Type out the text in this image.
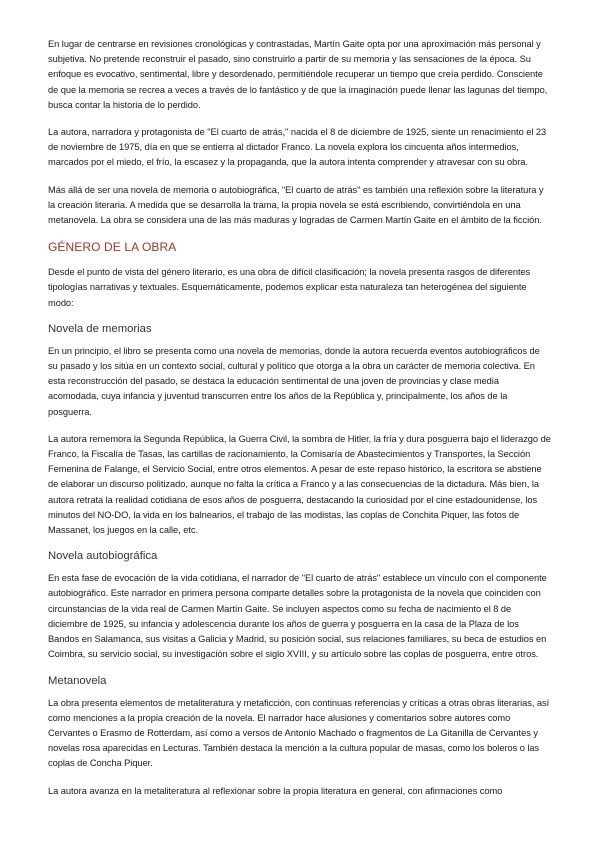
En lugar de centrarse en revisiones cronológicas y contrastadas, Martín Gaite opta por una aproximación más personal y subjetiva. No pretende reconstruir el pasado, sino construirlo a partir de su memoria y las sensaciones de la época. Su enfoque es evocativo, sentimental, libre y desordenado, permitiéndole recuperar un tiempo que creía perdido. Consciente de que la memoria se recrea a veces a través de lo fantástico y de que la imaginación puede llenar las lagunas del tiempo, busca contar la historia de lo perdido.

La autora, narradora y protagonista de "El cuarto de atrás," nacida el 8 de diciembre de 1925, siente un renacimiento el 23 de noviembre de 1975, día en que se entierra al dictador Franco. La novela explora los cincuenta años intermedios, marcados por el miedo, el frío, la escasez y la propaganda, que la autora intenta comprender y atravesar con su obra.

Más allá de ser una novela de memoria o autobiográfica, "El cuarto de atrás" es también una reflexión sobre la literatura y la creación literaria. A medida que se desarrolla la trama, la propia novela se está escribiendo, convirtiéndola en una metanovela. La obra se considera una de las más maduras y logradas de Carmen Martín Gaite en el ámbito de la ficción.

GÉNERO DE LA OBRA

Desde el punto de vista del género literario, es una obra de difícil clasificación; la novela presenta rasgos de diferentes tipologías narrativas y textuales. Esquemáticamente, podemos explicar esta naturaleza tan heterogénea del siguiente modo:

Novela de memorias

En un principio, el libro se presenta como una novela de memorias, donde la autora recuerda eventos autobiográficos de su pasado y los sitúa en un contexto social, cultural y político que otorga a la obra un carácter de memoria colectiva. En esta reconstrucción del pasado, se destaca la educación sentimental de una joven de provincias y clase media acomodada, cuya infancia y juventud transcurren entre los años de la República y, principalmente, los años de la posguerra.

La autora rememora la Segunda República, la Guerra Civil, la sombra de Hitler, la fría y dura posguerra bajo el liderazgo de Franco, la Fiscalía de Tasas, las cartillas de racionamiento, la Comisaría de Abastecimientos y Transportes, la Sección Femenina de Falange, el Servicio Social, entre otros elementos. A pesar de este repaso histórico, la escritora se abstiene de elaborar un discurso politizado, aunque no falta la crítica a Franco y a las consecuencias de la dictadura. Más bien, la autora retrata la realidad cotidiana de esos años de posguerra, destacando la curiosidad por el cine estadounidense, los minutos del NO-DO, la vida en los balnearios, el trabajo de las modistas, las coplas de Conchita Piquer, las fotos de Massanet, los juegos en la calle, etc.

Novela autobiográfica

En esta fase de evocación de la vida cotidiana, el narrador de "El cuarto de atrás" establece un vínculo con el componente autobiográfico. Este narrador en primera persona comparte detalles sobre la protagonista de la novela que coinciden con circunstancias de la vida real de Carmen Martín Gaite. Se incluyen aspectos como su fecha de nacimiento el 8 de diciembre de 1925, su infancia y adolescencia durante los años de guerra y posguerra en la casa de la Plaza de los Bandos en Salamanca, sus visitas a Galicia y Madrid, su posición social, sus relaciones familiares, su beca de estudios en Coimbra, su servicio social, su investigación sobre el siglo XVIII, y su artículo sobre las coplas de posguerra, entre otros.

Metanovela

La obra presenta elementos de metaliteratura y metaficción, con continuas referencias y críticas a otras obras literarias, así como menciones a la propia creación de la novela. El narrador hace alusiones y comentarios sobre autores como Cervantes o Erasmo de Rotterdam, así como a versos de Antonio Machado o fragmentos de La Gitanilla de Cervantes y novelas rosa aparecidas en Lecturas. También destaca la mención a la cultura popular de masas, como los boleros o las coplas de Concha Piquer.

La autora avanza en la metaliteratura al reflexionar sobre la propia literatura en general, con afirmaciones como
